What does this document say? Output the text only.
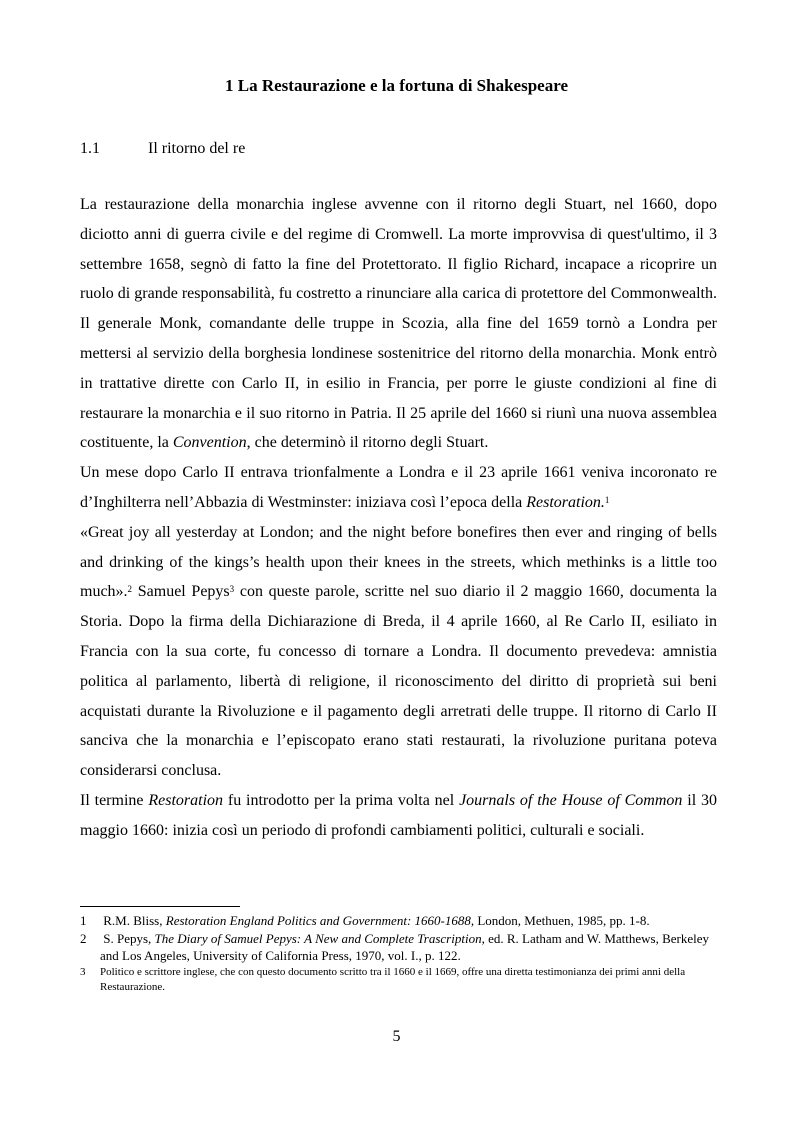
1 La Restaurazione e la fortuna di Shakespeare
1.1	Il ritorno del re

La restaurazione della monarchia inglese avvenne con il ritorno degli Stuart, nel 1660, dopo diciotto anni di guerra civile e del regime di Cromwell. La morte improvvisa di quest'ultimo, il 3 settembre 1658, segnò di fatto la fine del Protettorato. Il figlio Richard, incapace a ricoprire un ruolo di grande responsabilità, fu costretto a rinunciare alla carica di protettore del Commonwealth. Il generale Monk, comandante delle truppe in Scozia, alla fine del 1659 tornò a Londra per mettersi al servizio della borghesia londinese sostenitrice del ritorno della monarchia. Monk entrò in trattative dirette con Carlo II, in esilio in Francia, per porre le giuste condizioni al fine di restaurare la monarchia e il suo ritorno in Patria. Il 25 aprile del 1660 si riunì una nuova assemblea costituente, la Convention, che determinò il ritorno degli Stuart.

Un mese dopo Carlo II entrava trionfalmente a Londra e il 23 aprile 1661 veniva incoronato re d’Inghilterra nell’Abbazia di Westminster: iniziava così l’epoca della Restoration.$^1$

«Great joy all yesterday at London; and the night before bonefires then ever and ringing of bells and drinking of the kings’s health upon their knees in the streets, which methinks is a little too much».$^2$ Samuel Pepys$^3$ con queste parole, scritte nel suo diario il 2 maggio 1660, documenta la Storia. Dopo la firma della Dichiarazione di Breda, il 4 aprile 1660, al Re Carlo II, esiliato in Francia con la sua corte, fu concesso di tornare a Londra. Il documento prevedeva: amnistia politica al parlamento, libertà di religione, il riconoscimento del diritto di proprietà sui beni acquistati durante la Rivoluzione e il pagamento degli arretrati delle truppe. Il ritorno di Carlo II sanciva che la monarchia e l’episcopato erano stati restaurati, la rivoluzione puritana poteva considerarsi conclusa.

Il termine Restoration fu introdotto per la prima volta nel Journals of the House of Common il 30 maggio 1660: inizia così un periodo di profondi cambiamenti politici, culturali e sociali.

1	R.M. Bliss, Restoration England Politics and Government: 1660-1688, London, Methuen, 1985, pp. 1-8.
2	S. Pepys, The Diary of Samuel Pepys: A New and Complete Trascription, ed. R. Latham and W. Matthews, Berkeley and Los Angeles, University of California Press, 1970, vol. I., p. 122.
3	Politico e scrittore inglese, che con questo documento scritto tra il 1660 e il 1669, offre una diretta testimonianza dei primi anni della Restaurazione.
5
